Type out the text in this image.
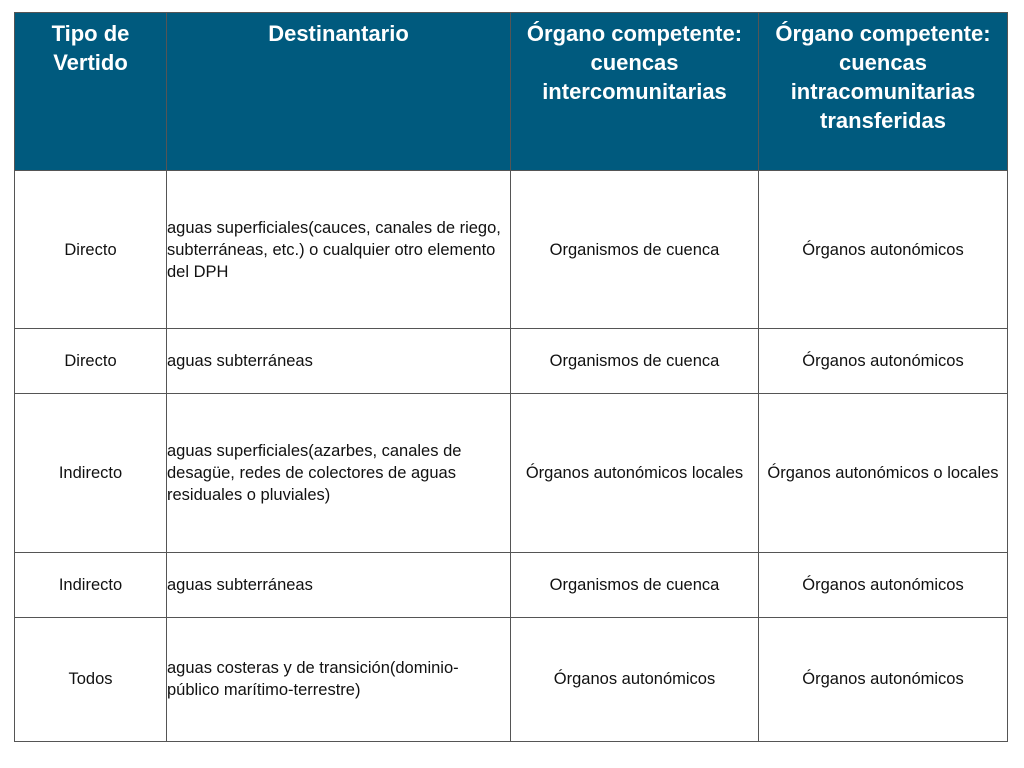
Tipo de Vertido	Destinantario	Órgano competente: cuencas intercomunitarias	Órgano competente: cuencas intracomunitarias transferidas
Directo	aguas superficiales(cauces, canales de riego, subterráneas, etc.) o cualquier otro elemento del DPH	Organismos de cuenca	Órganos autonómicos
Directo	aguas subterráneas	Organismos de cuenca	Órganos autonómicos
Indirecto	aguas superficiales(azarbes, canales de desagüe, redes de colectores de aguas residuales o pluviales)	Órganos autonómicos locales	Órganos autonómicos o locales
Indirecto	aguas subterráneas	Organismos de cuenca	Órganos autonómicos
Todos	aguas costeras y de transición(dominio-público marítimo-terrestre)	Órganos autonómicos	Órganos autonómicos
